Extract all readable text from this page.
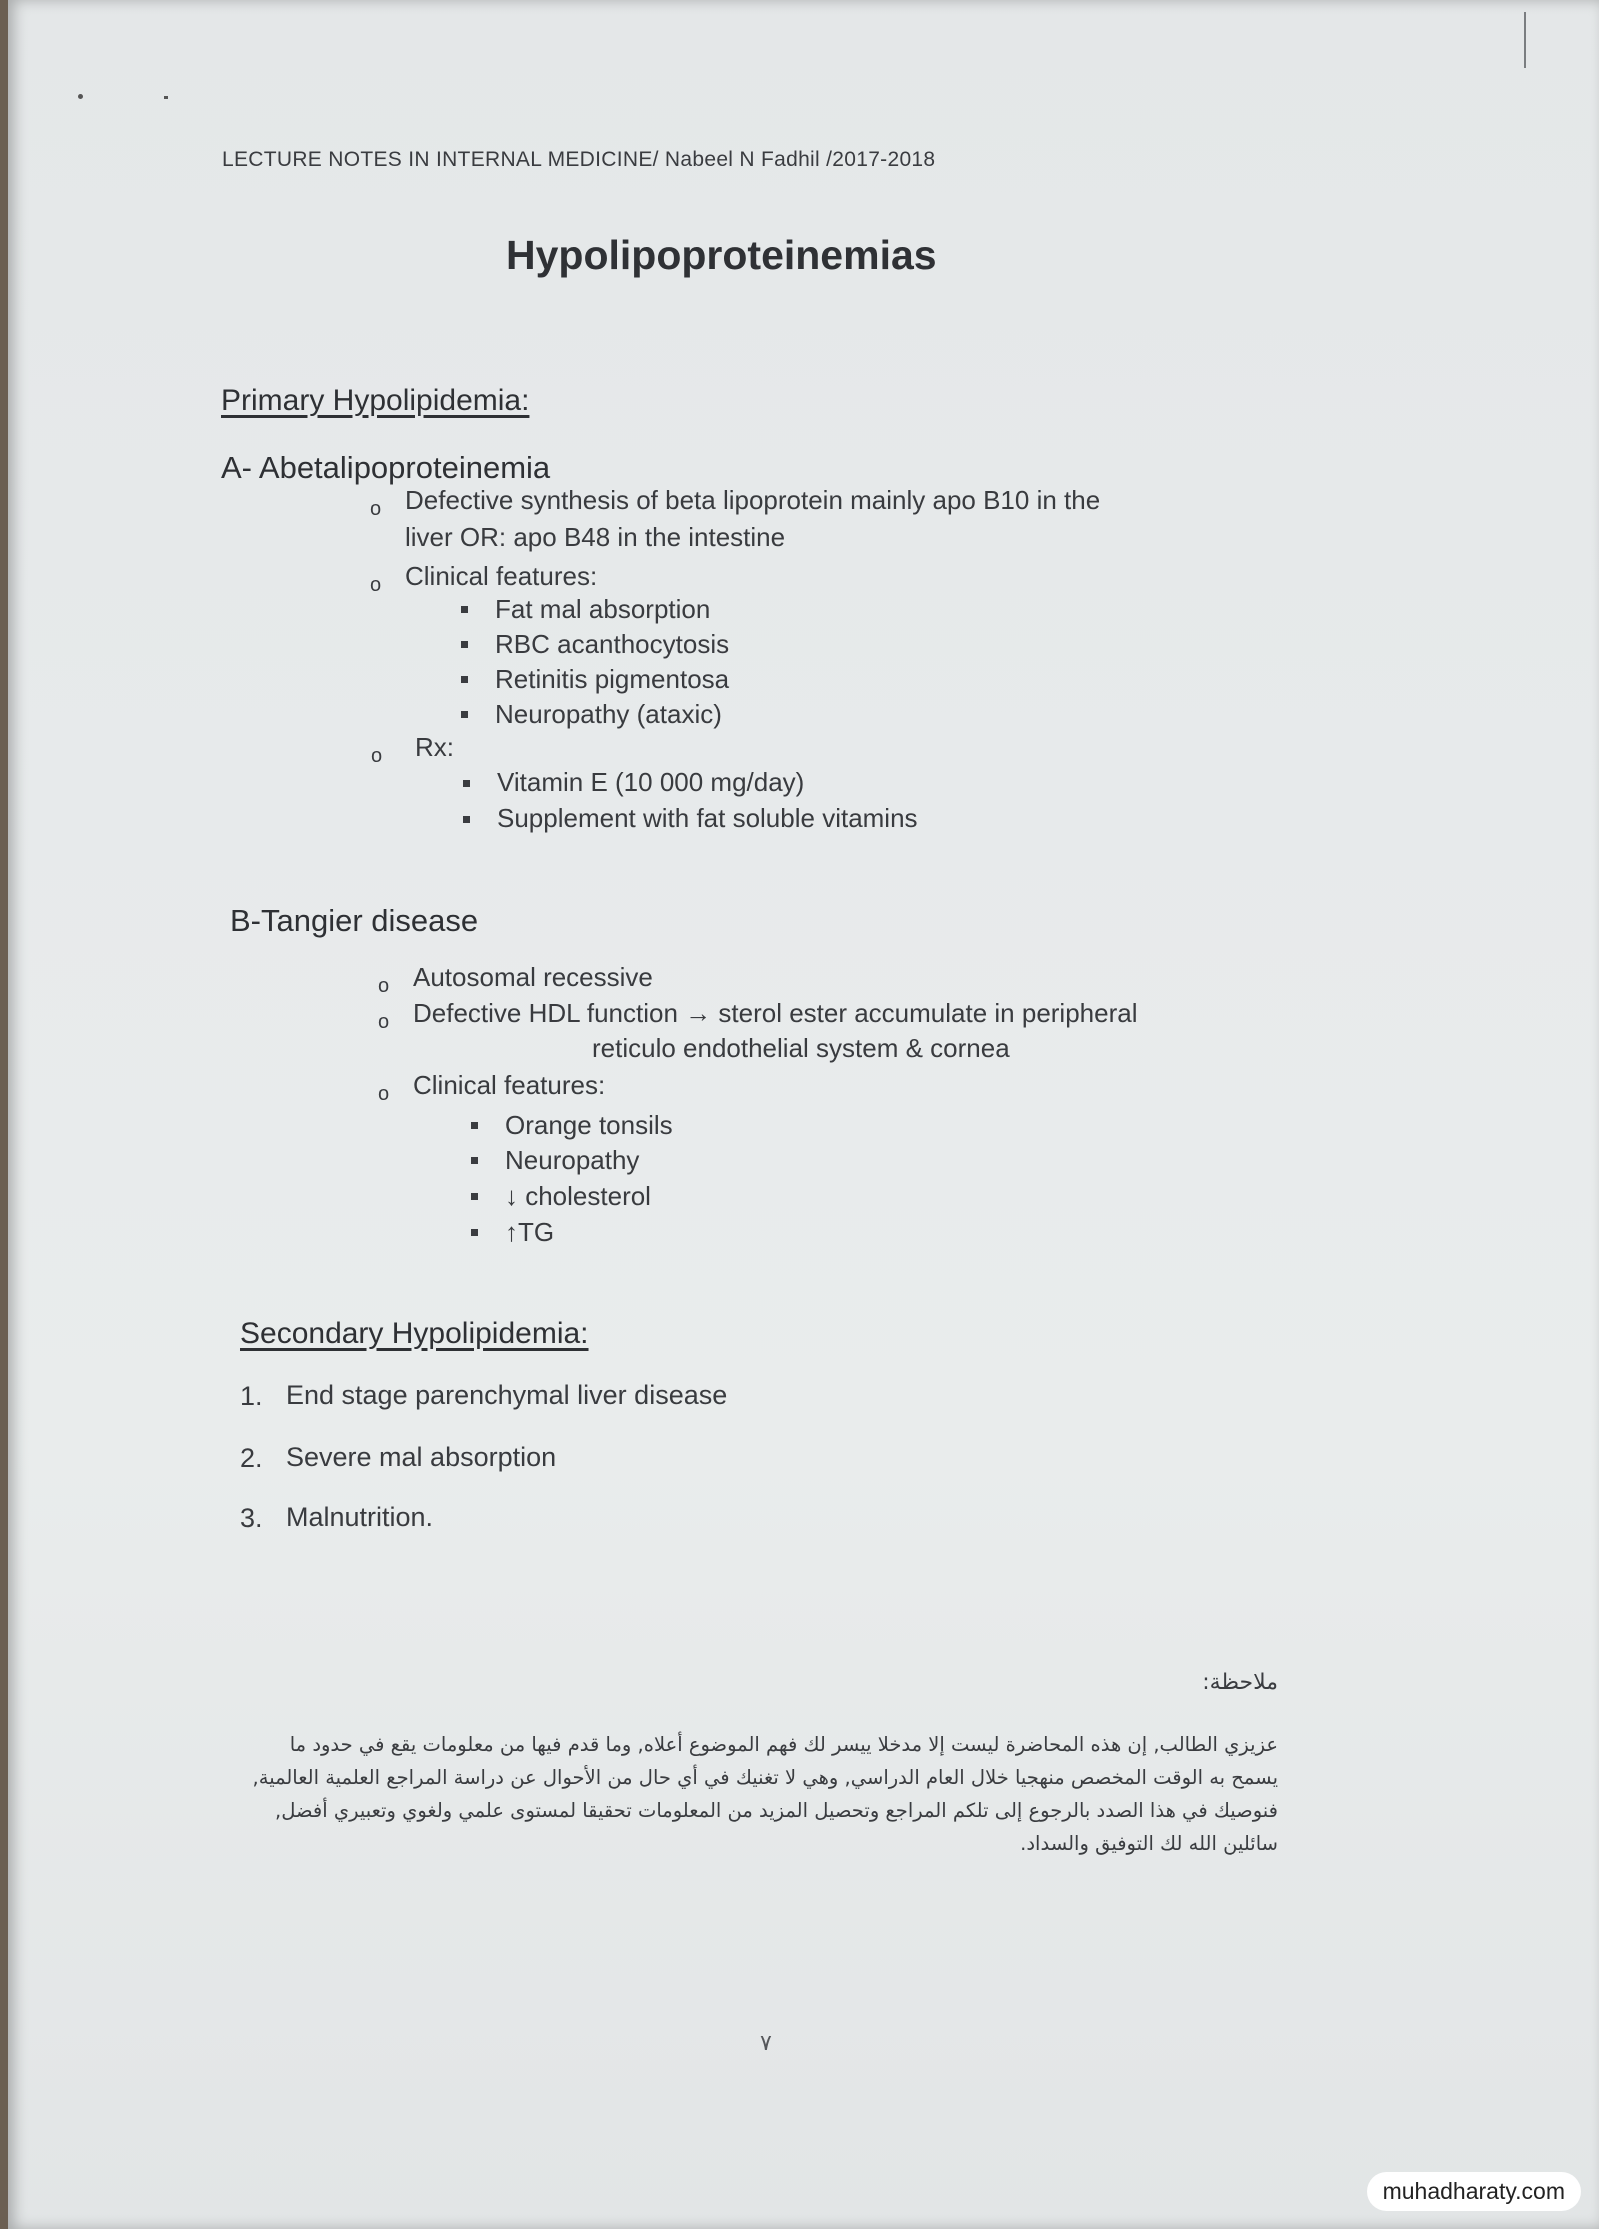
LECTURE NOTES IN INTERNAL MEDICINE/ Nabeel N Fadhil /2017-2018
Hypolipoproteinemias
Primary Hypolipidemia:
A- Abetalipoproteinemia
o Defective synthesis of beta lipoprotein mainly apo B10 in the
liver OR: apo B48 in the intestine
o Clinical features:
Fat mal absorption
RBC acanthocytosis
Retinitis pigmentosa
Neuropathy (ataxic)
o Rx:
Vitamin E (10 000 mg/day)
Supplement with fat soluble vitamins
B-Tangier disease
o Autosomal recessive
o Defective HDL function → sterol ester accumulate in peripheral
reticulo endothelial system & cornea
o Clinical features:
Orange tonsils
Neuropathy
↓ cholesterol
↑TG
Secondary Hypolipidemia:
1. End stage parenchymal liver disease
2. Severe mal absorption
3. Malnutrition.
ملاحظة:
عزيزي الطالب, إن هذه المحاضرة ليست إلا مدخلا ييسر لك فهم الموضوع أعلاه, وما قدم فيها من معلومات يقع في حدود ما يسمح به الوقت المخصص منهجيا خلال العام الدراسي, وهي لا تغنيك في أي حال من الأحوال عن دراسة المراجع العلمية العالمية, فنوصيك في هذا الصدد بالرجوع إلى تلكم المراجع وتحصيل المزيد من المعلومات تحقيقا لمستوى علمي ولغوي وتعبيري أفضل, سائلين الله لك التوفيق والسداد.
٧
muhadharaty.com
